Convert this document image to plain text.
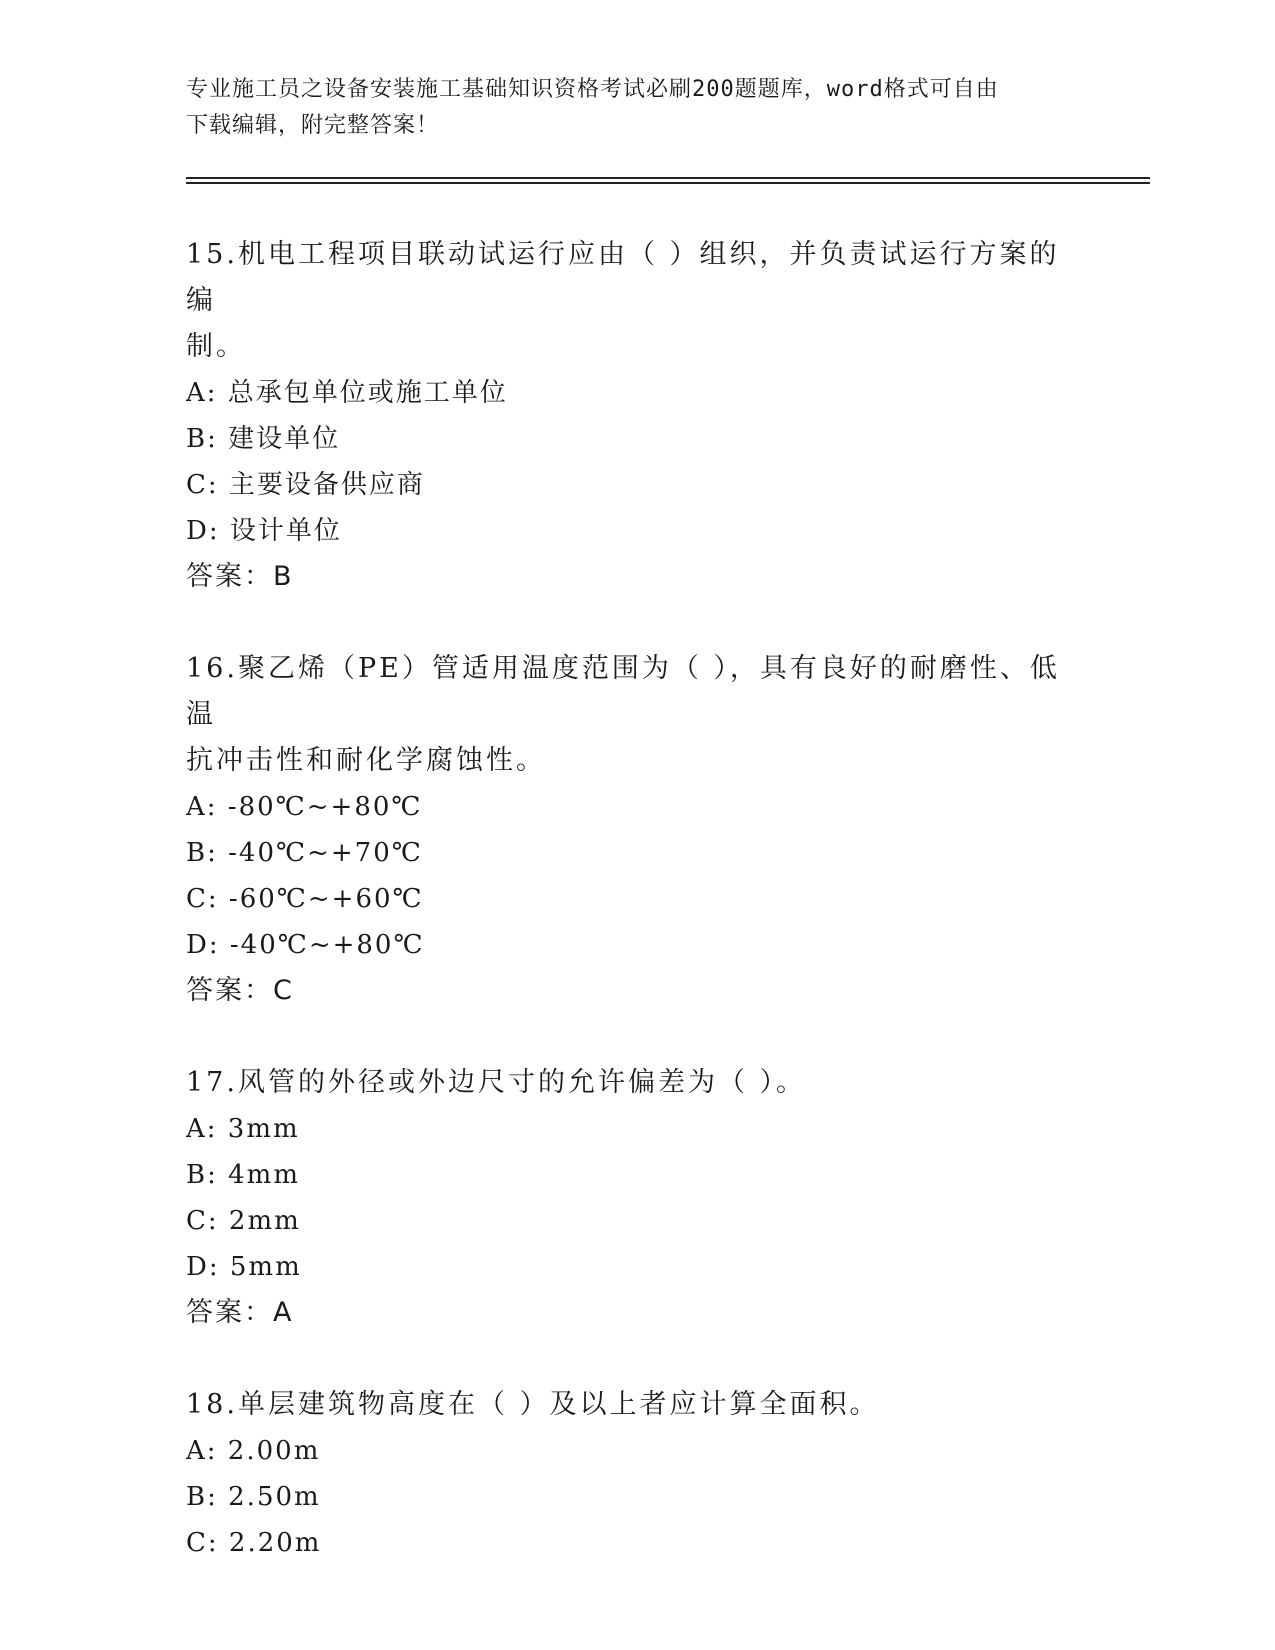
专业施工员之设备安装施工基础知识资格考试必刷200题题库，word格式可自由
下载编辑，附完整答案！

15.机电工程项目联动试运行应由（ ）组织，并负责试运行方案的编

制。

A: 总承包单位或施工单位

B: 建设单位

C: 主要设备供应商

D: 设计单位

答案：B

16.聚乙烯（PE）管适用温度范围为（ ），具有良好的耐磨性、低温

抗冲击性和耐化学腐蚀性。

A: -80℃~+80℃

B: -40℃~+70℃

C: -60℃~+60℃

D: -40℃~+80℃

答案：C

17.风管的外径或外边尺寸的允许偏差为（ ）。

A: 3mm

B: 4mm

C: 2mm

D: 5mm

答案：A

18.单层建筑物高度在（ ）及以上者应计算全面积。

A: 2.00m

B: 2.50m

C: 2.20m
